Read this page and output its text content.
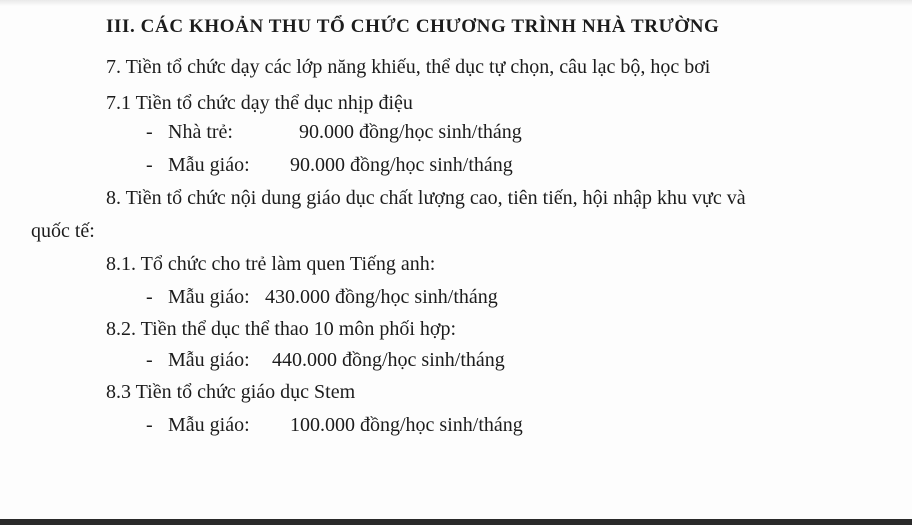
III. CÁC KHOẢN THU TỔ CHỨC CHƯƠNG TRÌNH NHÀ TRƯỜNG
7. Tiền tổ chức dạy các lớp năng khiếu, thể dục tự chọn, câu lạc bộ, học bơi
7.1 Tiền tổ chức dạy thể dục nhịp điệu
- Nhà trẻ:	90.000 đồng/học sinh/tháng
- Mẫu giáo: 90.000 đồng/học sinh/tháng
8. Tiền tổ chức nội dung giáo dục chất lượng cao, tiên tiến, hội nhập khu vực và
quốc tế:
8.1. Tổ chức cho trẻ làm quen Tiếng anh:
- Mẫu giáo: 430.000 đồng/học sinh/tháng
8.2. Tiền thể dục thể thao 10 môn phối hợp:
- Mẫu giáo: 440.000 đồng/học sinh/tháng
8.3 Tiền tổ chức giáo dục Stem
- Mẫu giáo: 100.000 đồng/học sinh/tháng
